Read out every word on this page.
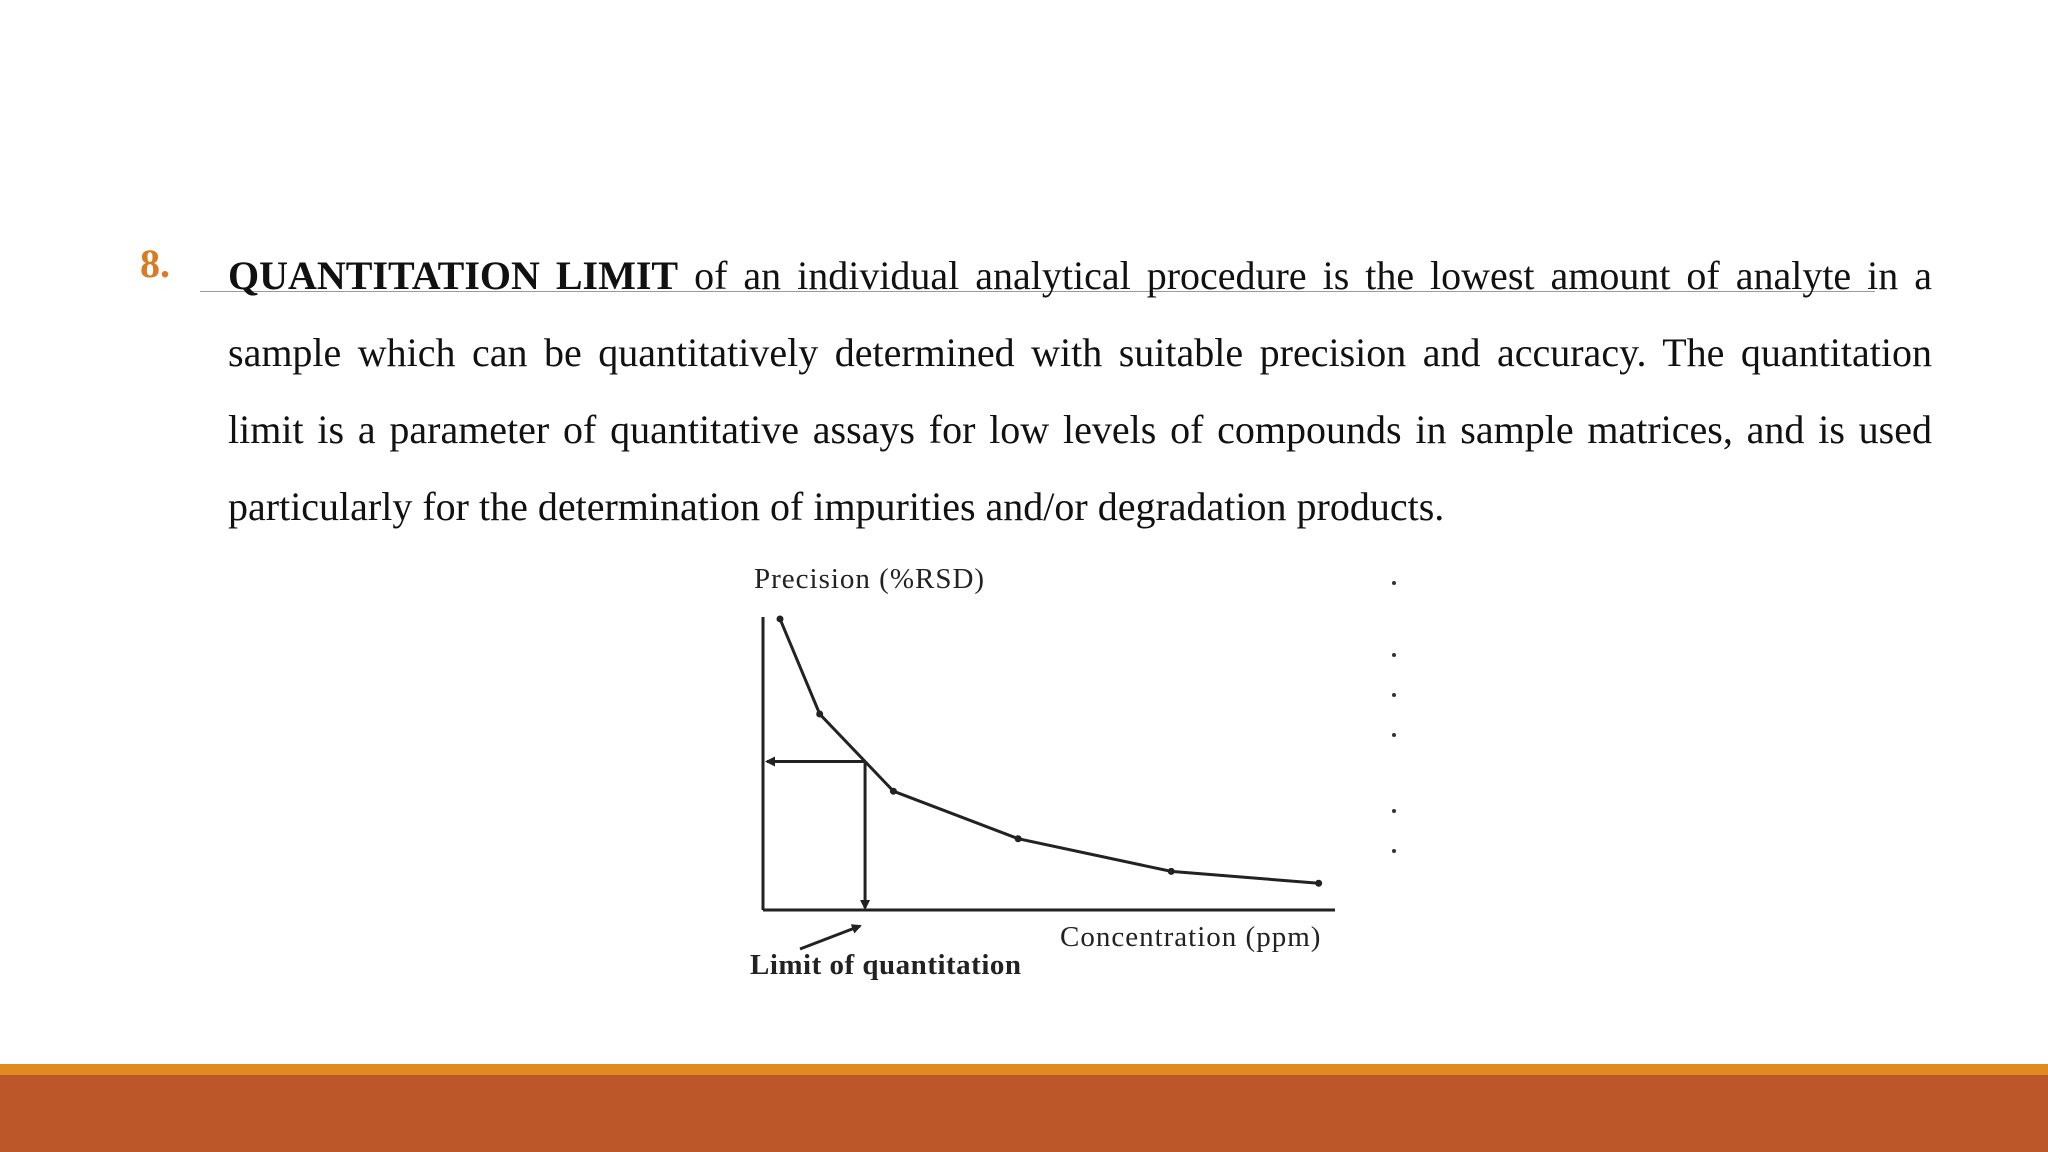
8. QUANTITATION LIMIT of an individual analytical procedure is the lowest amount of analyte in a sample which can be quantitatively determined with suitable precision and accuracy. The quantitation limit is a parameter of quantitative assays for low levels of compounds in sample matrices, and is used particularly for the determination of impurities and/or degradation products.

Precision (%RSD)
Concentration (ppm)
Limit of quantitation
